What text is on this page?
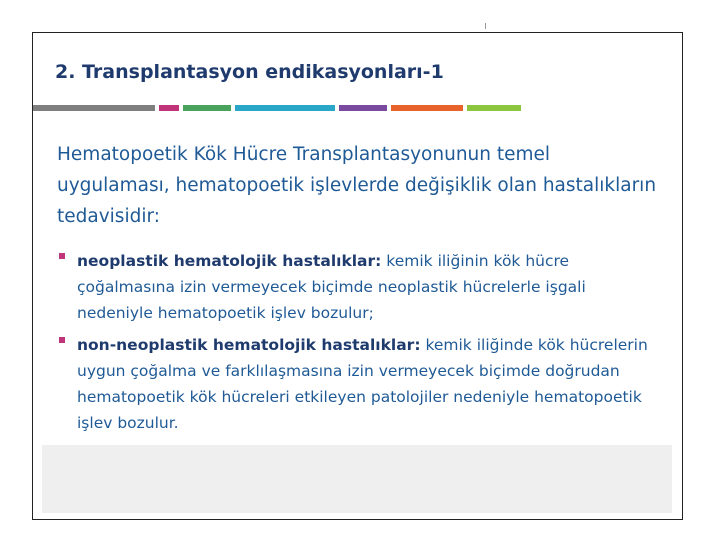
2. Transplantasyon endikasyonları-1

Hematopoetik Kök Hücre Transplantasyonunun temel uygulaması, hematopoetik işlevlerde değişiklik olan hastalıkların tedavisidir:

neoplastik hematolojik hastalıklar: kemik iliğinin kök hücre çoğalmasına izin vermeyecek biçimde neoplastik hücrelerle işgali nedeniyle hematopoetik işlev bozulur;
non-neoplastik hematolojik hastalıklar: kemik iliğinde kök hücrelerin uygun çoğalma ve farklılaşmasına izin vermeyecek biçimde doğrudan hematopoetik kök hücreleri etkileyen patolojiler nedeniyle hematopoetik işlev bozulur.
